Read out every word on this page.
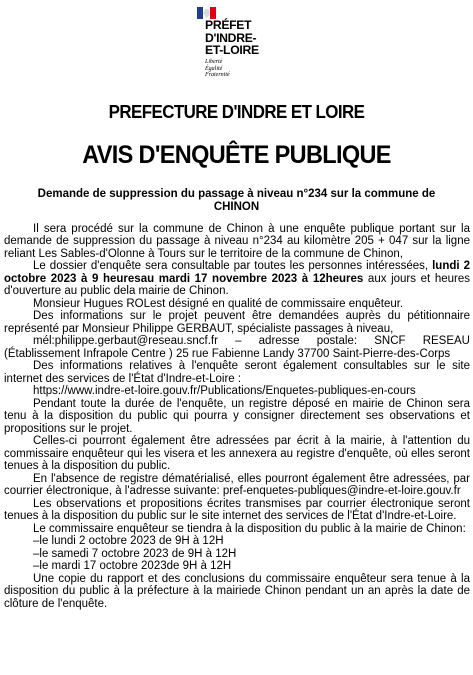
PRÉFET
D'INDRE-
ET-LOIRE
Liberté
Égalité
Fraternité
PREFECTURE D'INDRE ET LOIRE
AVIS D'ENQUÊTE PUBLIQUE
Demande de suppression du passage à niveau n°234 sur la commune de
CHINON

Il sera procédé sur la commune de Chinon à une enquête publique portant sur la demande de suppression du passage à niveau n°234 au kilomètre 205 + 047 sur la ligne reliant Les Sables-d'Olonne à Tours sur le territoire de la commune de Chinon,

Le dossier d'enquête sera consultable par toutes les personnes intéressées, lundi 2 octobre 2023 à 9 heuresau mardi 17 novembre 2023 à 12heures aux jours et heures d'ouverture au public dela mairie de Chinon.

Monsieur Hugues ROLest désigné en qualité de commissaire enquêteur.

Des informations sur le projet peuvent être demandées auprès du pétitionnaire représenté par Monsieur Philippe GERBAUT, spécialiste passages à niveau,

mél:philippe.gerbaut@reseau.sncf.fr – adresse postale: SNCF RESEAU (Établissement Infrapole Centre ) 25 rue Fabienne Landy 37700 Saint-Pierre-des-Corps

Des informations relatives à l'enquête seront également consultables sur le site internet des services de l'État d'Indre-et-Loire :

https://www.indre-et-loire.gouv.fr/Publications/Enquetes-publiques-en-cours

Pendant toute la durée de l'enquête, un registre déposé en mairie de Chinon sera tenu à la disposition du public qui pourra y consigner directement ses observations et propositions sur le projet.

Celles-ci pourront également être adressées par écrit à la mairie, à l'attention du commissaire enquêteur qui les visera et les annexera au registre d'enquête, où elles seront tenues à la disposition du public.

En l'absence de registre dématérialisé, elles pourront également être adressées, par courrier électronique, à l'adresse suivante: pref-enquetes-publiques@indre-et-loire.gouv.fr

Les observations et propositions écrites transmises par courrier électronique seront tenues à la disposition du public sur le site internet des services de l'État d'Indre-et-Loire.

Le commissaire enquêteur se tiendra à la disposition du public à la mairie de Chinon:

–le lundi 2 octobre 2023 de 9H à 12H

–le samedi 7 octobre 2023 de 9H à 12H

–le mardi 17 octobre 2023de 9H à 12H

Une copie du rapport et des conclusions du commissaire enquêteur sera tenue à la disposition du public à la préfecture à la mairiede Chinon pendant un an après la date de clôture de l'enquête.
